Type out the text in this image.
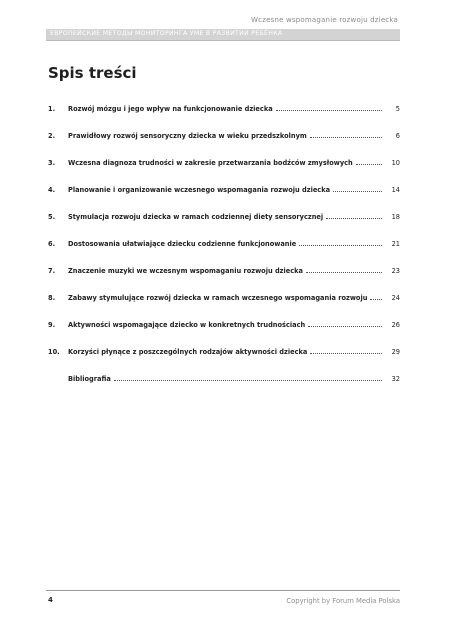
Wczesne wspomaganie rozwoju dziecka
ЕВРОПЕЙСКИЕ МЕТОДЫ МОНИТОРИНГА УМЕ В РАЗВИТИИ РЕБЁНКА
Spis treści
1.	Rozwój mózgu i jego wpływ na funkcjonowanie dziecka	5
2.	Prawidłowy rozwój sensoryczny dziecka w wieku przedszkolnym	6
3.	Wczesna diagnoza trudności w zakresie przetwarzania bodźców zmysłowych	10
4.	Planowanie i organizowanie wczesnego wspomagania rozwoju dziecka	14
5.	Stymulacja rozwoju dziecka w ramach codziennej diety sensorycznej	18
6.	Dostosowania ułatwiające dziecku codzienne funkcjonowanie	21
7.	Znaczenie muzyki we wczesnym wspomaganiu rozwoju dziecka	23
8.	Zabawy stymulujące rozwój dziecka w ramach wczesnego wspomagania rozwoju	24
9.	Aktywności wspomagające dziecko w konkretnych trudnościach	26
10.	Korzyści płynące z poszczególnych rodzajów aktywności dziecka	29
Bibliografia	32
4	Copyright by Forum Media Polska
